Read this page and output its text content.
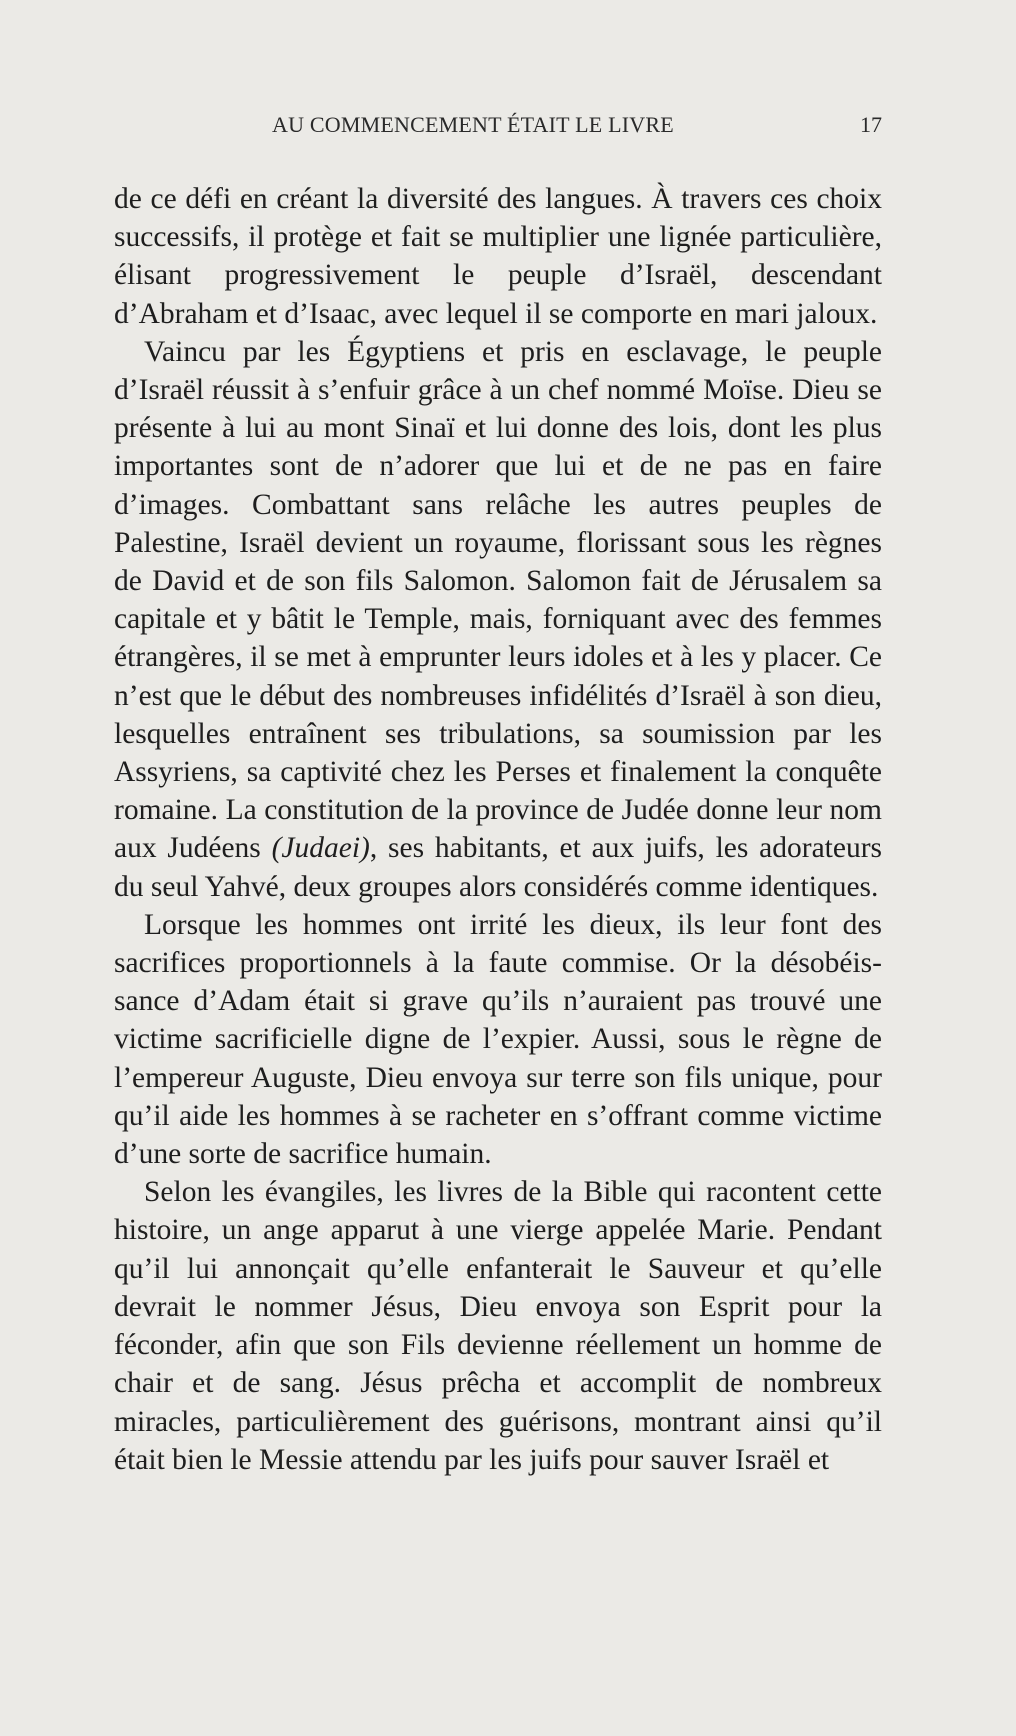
AU COMMENCEMENT ÉTAIT LE LIVRE	17

de ce défi en créant la diversité des langues. À travers ces choix successifs, il protège et fait se multiplier une lignée particulière, élisant progressivement le peuple d’Israël, descendant d’Abraham et d’Isaac, avec lequel il se comporte en mari jaloux.

Vaincu par les Égyptiens et pris en esclavage, le peuple d’Israël réussit à s’enfuir grâce à un chef nommé Moïse. Dieu se présente à lui au mont Sinaï et lui donne des lois, dont les plus importantes sont de n’adorer que lui et de ne pas en faire d’images. Combattant sans relâche les autres peuples de Palestine, Israël devient un royaume, florissant sous les règnes de David et de son fils Salomon. Salomon fait de Jérusalem sa capitale et y bâtit le Temple, mais, forniquant avec des femmes étrangères, il se met à emprunter leurs idoles et à les y placer. Ce n’est que le début des nombreuses infidélités d’Israël à son dieu, lesquelles entraînent ses tribulations, sa soumission par les Assyriens, sa captivité chez les Perses et finalement la conquête romaine. La constitution de la province de Judée donne leur nom aux Judéens (Judaei), ses habitants, et aux juifs, les adorateurs du seul Yahvé, deux groupes alors considérés comme identiques.

Lorsque les hommes ont irrité les dieux, ils leur font des sacrifices proportionnels à la faute commise. Or la désobéissance d’Adam était si grave qu’ils n’auraient pas trouvé une victime sacrificielle digne de l’expier. Aussi, sous le règne de l’empereur Auguste, Dieu envoya sur terre son fils unique, pour qu’il aide les hommes à se racheter en s’offrant comme victime d’une sorte de sacrifice humain.

Selon les évangiles, les livres de la Bible qui racontent cette histoire, un ange apparut à une vierge appelée Marie. Pendant qu’il lui annonçait qu’elle enfanterait le Sauveur et qu’elle devrait le nommer Jésus, Dieu envoya son Esprit pour la féconder, afin que son Fils devienne réellement un homme de chair et de sang. Jésus prêcha et accomplit de nombreux miracles, particulièrement des guérisons, montrant ainsi qu’il était bien le Messie attendu par les juifs pour sauver Israël et
